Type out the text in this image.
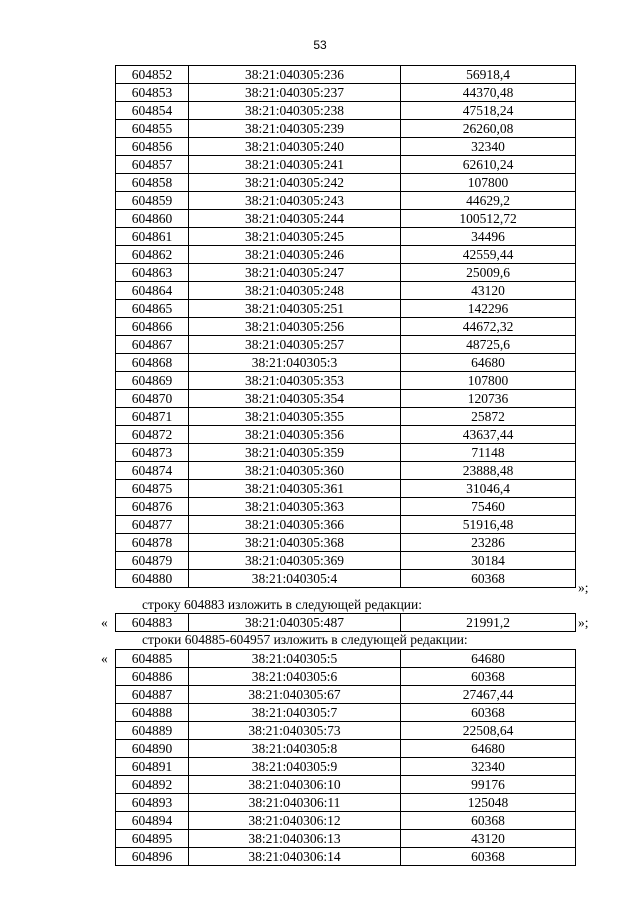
53
604852	38:21:040305:236	56918,4
604853	38:21:040305:237	44370,48
604854	38:21:040305:238	47518,24
604855	38:21:040305:239	26260,08
604856	38:21:040305:240	32340
604857	38:21:040305:241	62610,24
604858	38:21:040305:242	107800
604859	38:21:040305:243	44629,2
604860	38:21:040305:244	100512,72
604861	38:21:040305:245	34496
604862	38:21:040305:246	42559,44
604863	38:21:040305:247	25009,6
604864	38:21:040305:248	43120
604865	38:21:040305:251	142296
604866	38:21:040305:256	44672,32
604867	38:21:040305:257	48725,6
604868	38:21:040305:3	64680
604869	38:21:040305:353	107800
604870	38:21:040305:354	120736
604871	38:21:040305:355	25872
604872	38:21:040305:356	43637,44
604873	38:21:040305:359	71148
604874	38:21:040305:360	23888,48
604875	38:21:040305:361	31046,4
604876	38:21:040305:363	75460
604877	38:21:040305:366	51916,48
604878	38:21:040305:368	23286
604879	38:21:040305:369	30184
604880	38:21:040305:4	60368
»;
строку 604883 изложить в следующей редакции:
« 604883	38:21:040305:487	21991,2	»;
строки 604885-604957 изложить в следующей редакции:
« 604885	38:21:040305:5	64680
604886	38:21:040305:6	60368
604887	38:21:040305:67	27467,44
604888	38:21:040305:7	60368
604889	38:21:040305:73	22508,64
604890	38:21:040305:8	64680
604891	38:21:040305:9	32340
604892	38:21:040306:10	99176
604893	38:21:040306:11	125048
604894	38:21:040306:12	60368
604895	38:21:040306:13	43120
604896	38:21:040306:14	60368
